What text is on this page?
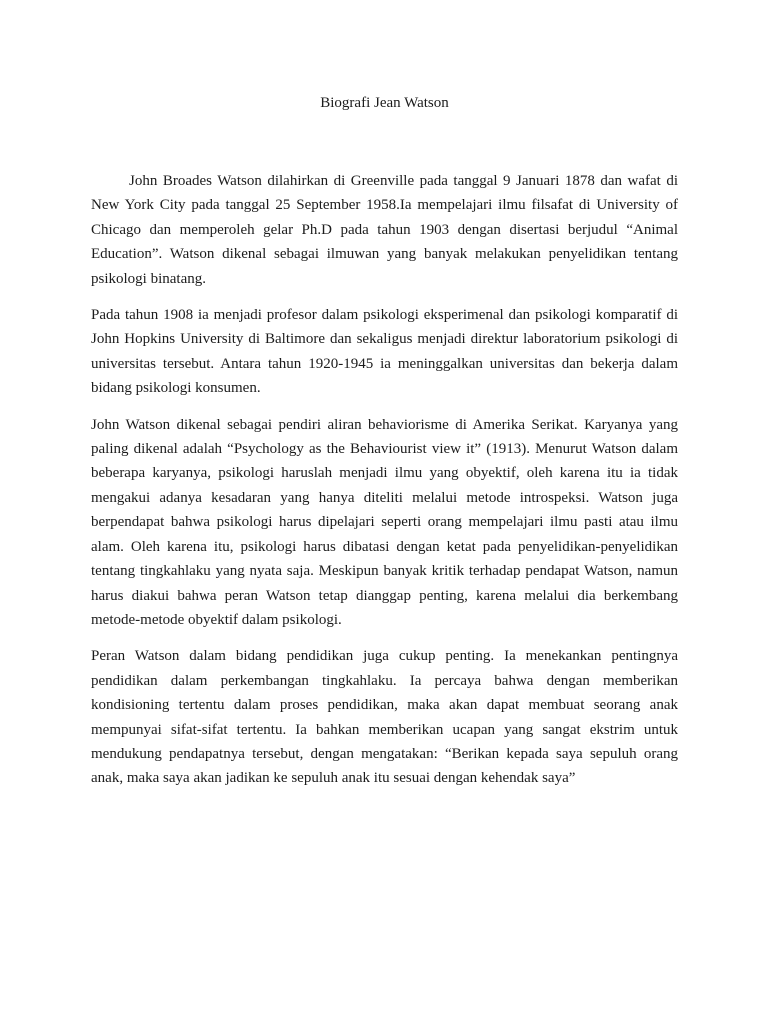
Biografi Jean Watson

John Broades Watson dilahirkan di Greenville pada tanggal 9 Januari 1878 dan wafat di New York City pada tanggal 25 September 1958.Ia mempelajari ilmu filsafat di University of Chicago dan memperoleh gelar Ph.D pada tahun 1903 dengan disertasi berjudul “Animal Education”. Watson dikenal sebagai ilmuwan yang banyak melakukan penyelidikan tentang psikologi binatang.

Pada tahun 1908 ia menjadi profesor dalam psikologi eksperimenal dan psikologi komparatif di John Hopkins University di Baltimore dan sekaligus menjadi direktur laboratorium psikologi di universitas tersebut. Antara tahun 1920-1945 ia meninggalkan universitas dan bekerja dalam bidang psikologi konsumen.

John Watson dikenal sebagai pendiri aliran behaviorisme di Amerika Serikat. Karyanya yang paling dikenal adalah “Psychology as the Behaviourist view it” (1913). Menurut Watson dalam beberapa karyanya, psikologi haruslah menjadi ilmu yang obyektif, oleh karena itu ia tidak mengakui adanya kesadaran yang hanya diteliti melalui metode introspeksi. Watson juga berpendapat bahwa psikologi harus dipelajari seperti orang mempelajari ilmu pasti atau ilmu alam. Oleh karena itu, psikologi harus dibatasi dengan ketat pada penyelidikan-penyelidikan tentang tingkahlaku yang nyata saja. Meskipun banyak kritik terhadap pendapat Watson, namun harus diakui bahwa peran Watson tetap dianggap penting, karena melalui dia berkembang metode-metode obyektif dalam psikologi.

Peran Watson dalam bidang pendidikan juga cukup penting. Ia menekankan pentingnya pendidikan dalam perkembangan tingkahlaku. Ia percaya bahwa dengan memberikan kondisioning tertentu dalam proses pendidikan, maka akan dapat membuat seorang anak mempunyai sifat-sifat tertentu. Ia bahkan memberikan ucapan yang sangat ekstrim untuk mendukung pendapatnya tersebut, dengan mengatakan: “Berikan kepada saya sepuluh orang anak, maka saya akan jadikan ke sepuluh anak itu sesuai dengan kehendak saya”
